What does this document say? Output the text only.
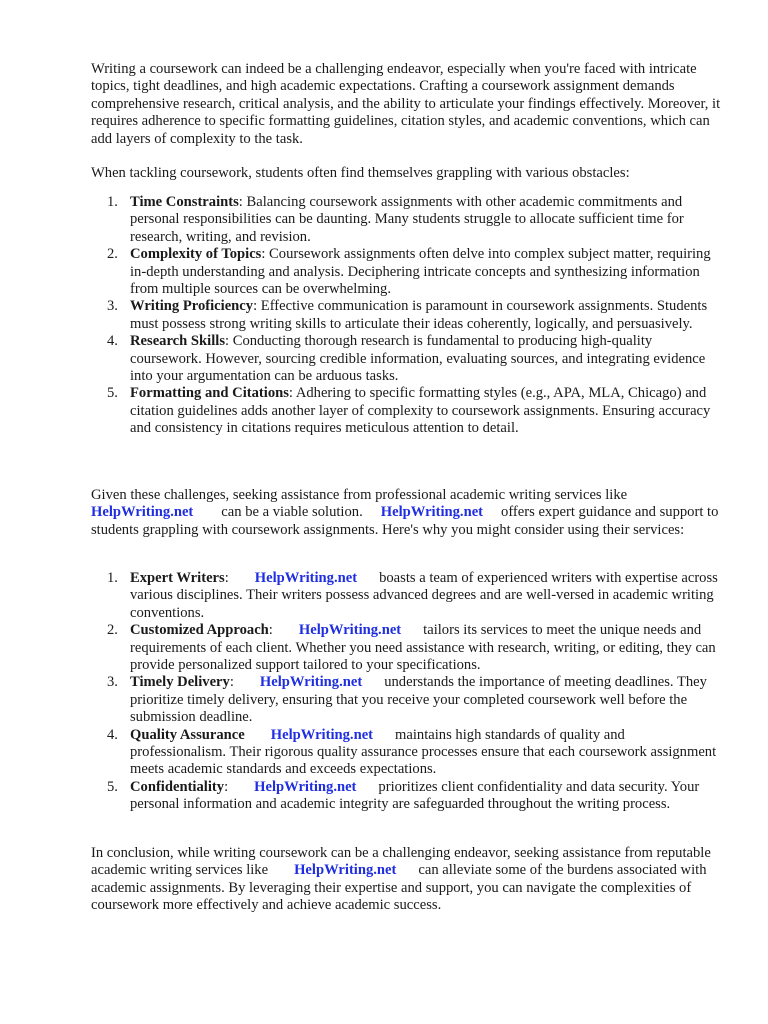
Writing a coursework can indeed be a challenging endeavor, especially when you're faced with intricate topics, tight deadlines, and high academic expectations. Crafting a coursework assignment demands comprehensive research, critical analysis, and the ability to articulate your findings effectively. Moreover, it requires adherence to specific formatting guidelines, citation styles, and academic conventions, which can add layers of complexity to the task.

When tackling coursework, students often find themselves grappling with various obstacles:

1. Time Constraints: Balancing coursework assignments with other academic commitments and personal responsibilities can be daunting. Many students struggle to allocate sufficient time for research, writing, and revision.
2. Complexity of Topics: Coursework assignments often delve into complex subject matter, requiring in-depth understanding and analysis. Deciphering intricate concepts and synthesizing information from multiple sources can be overwhelming.
3. Writing Proficiency: Effective communication is paramount in coursework assignments. Students must possess strong writing skills to articulate their ideas coherently, logically, and persuasively.
4. Research Skills: Conducting thorough research is fundamental to producing high-quality coursework. However, sourcing credible information, evaluating sources, and integrating evidence into your argumentation can be arduous tasks.
5. Formatting and Citations: Adhering to specific formatting styles (e.g., APA, MLA, Chicago) and citation guidelines adds another layer of complexity to coursework assignments. Ensuring accuracy and consistency in citations requires meticulous attention to detail.

Given these challenges, seeking assistance from professional academic writing services like
HelpWriting.net can be a viable solution. HelpWriting.net offers expert guidance and support to students grappling with coursework assignments. Here's why you might consider using their services:

1. Expert Writers: HelpWriting.net boasts a team of experienced writers with expertise across various disciplines. Their writers possess advanced degrees and are well-versed in academic writing conventions.
2. Customized Approach: HelpWriting.net tailors its services to meet the unique needs and requirements of each client. Whether you need assistance with research, writing, or editing, they can provide personalized support tailored to your specifications.
3. Timely Delivery: HelpWriting.net understands the importance of meeting deadlines. They prioritize timely delivery, ensuring that you receive your completed coursework well before the submission deadline.
4. Quality Assurance HelpWriting.net maintains high standards of quality and professionalism. Their rigorous quality assurance processes ensure that each coursework assignment meets academic standards and exceeds expectations.
5. Confidentiality: HelpWriting.net prioritizes client confidentiality and data security. Your personal information and academic integrity are safeguarded throughout the writing process.

In conclusion, while writing coursework can be a challenging endeavor, seeking assistance from reputable academic writing services like HelpWriting.net can alleviate some of the burdens associated with academic assignments. By leveraging their expertise and support, you can navigate the complexities of coursework more effectively and achieve academic success.
